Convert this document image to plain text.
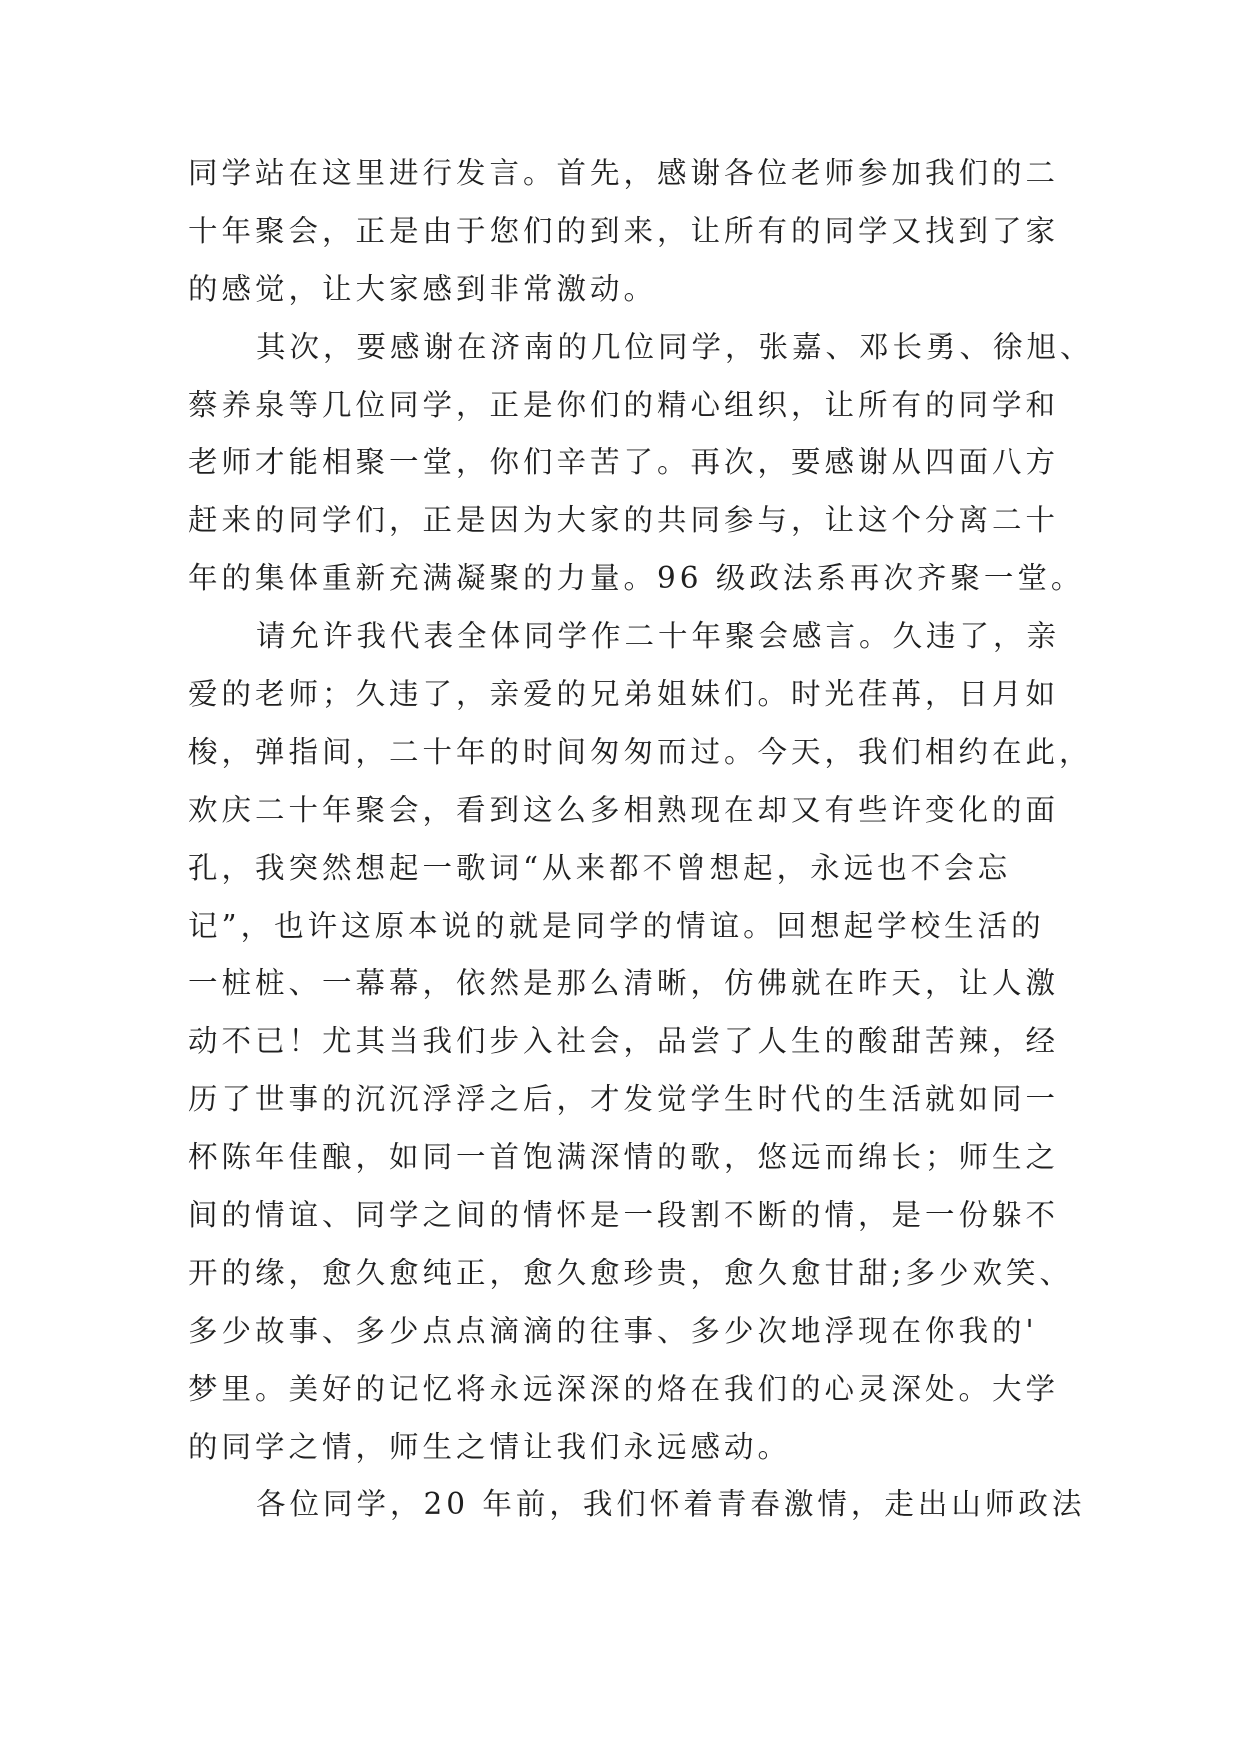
同学站在这里进行发言。首先，感谢各位老师参加我们的二
十年聚会，正是由于您们的到来，让所有的同学又找到了家
的感觉，让大家感到非常激动。
其次，要感谢在济南的几位同学，张嘉、邓长勇、徐旭、
蔡养泉等几位同学，正是你们的精心组织，让所有的同学和
老师才能相聚一堂，你们辛苦了。再次，要感谢从四面八方
赶来的同学们，正是因为大家的共同参与，让这个分离二十
年的集体重新充满凝聚的力量。96 级政法系再次齐聚一堂。
请允许我代表全体同学作二十年聚会感言。久违了，亲
爱的老师；久违了，亲爱的兄弟姐妹们。时光荏苒，日月如
梭，弹指间，二十年的时间匆匆而过。今天，我们相约在此，
欢庆二十年聚会，看到这么多相熟现在却又有些许变化的面
孔，我突然想起一歌词“从来都不曾想起，永远也不会忘
记”，也许这原本说的就是同学的情谊。回想起学校生活的
一桩桩、一幕幕，依然是那么清晰，仿佛就在昨天，让人激
动不已！尤其当我们步入社会，品尝了人生的酸甜苦辣，经
历了世事的沉沉浮浮之后，才发觉学生时代的生活就如同一
杯陈年佳酿，如同一首饱满深情的歌，悠远而绵长；师生之
间的情谊、同学之间的情怀是一段割不断的情，是一份躲不
开的缘，愈久愈纯正，愈久愈珍贵，愈久愈甘甜;多少欢笑、
多少故事、多少点点滴滴的往事、多少次地浮现在你我的'
梦里。美好的记忆将永远深深的烙在我们的心灵深处。大学
的同学之情，师生之情让我们永远感动。
各位同学，20 年前，我们怀着青春激情，走出山师政法
